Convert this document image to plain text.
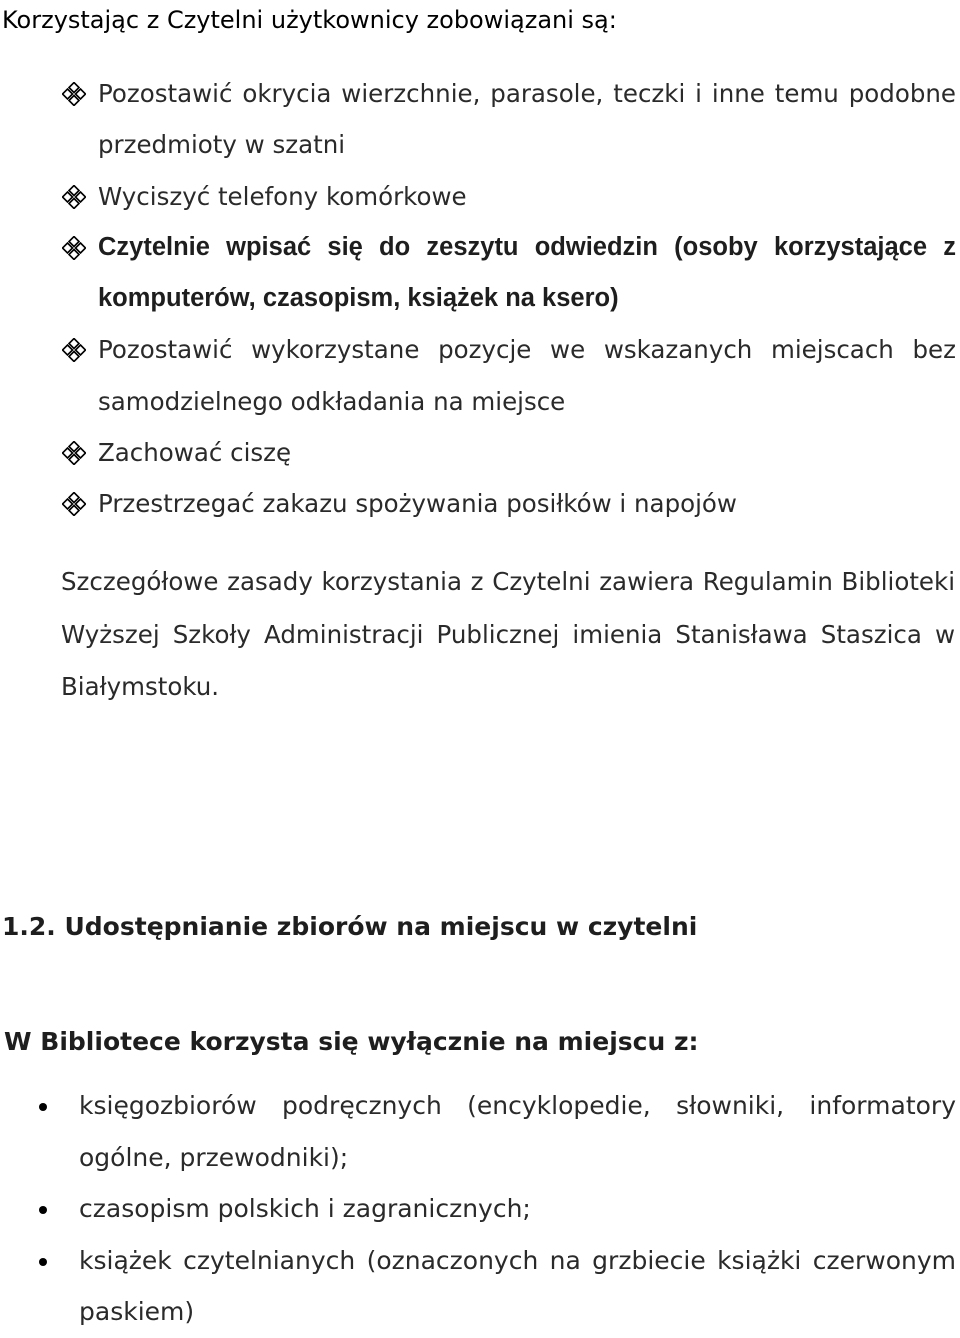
Korzystając z Czytelni użytkownicy zobowiązani są:

Pozostawić okrycia wierzchnie, parasole, teczki i inne temu podobne przedmioty w szatni
Wyciszyć telefony komórkowe
Czytelnie wpisać się do zeszytu odwiedzin (osoby korzystające z komputerów, czasopism, książek na ksero)
Pozostawić wykorzystane pozycje we wskazanych miejscach bez samodzielnego odkładania na miejsce
Zachować ciszę
Przestrzegać zakazu spożywania posiłków i napojów

Szczegółowe zasady korzystania z Czytelni zawiera Regulamin Biblioteki Wyższej Szkoły Administracji Publicznej imienia Stanisława Staszica w Białymstoku.

1.2. Udostępnianie zbiorów na miejscu w czytelni
W Bibliotece korzysta się wyłącznie na miejscu z:
księgozbiorów podręcznych (encyklopedie, słowniki, informatory ogólne, przewodniki);
czasopism polskich i zagranicznych;
książek czytelnianych (oznaczonych na grzbiecie książki czerwonym paskiem)
